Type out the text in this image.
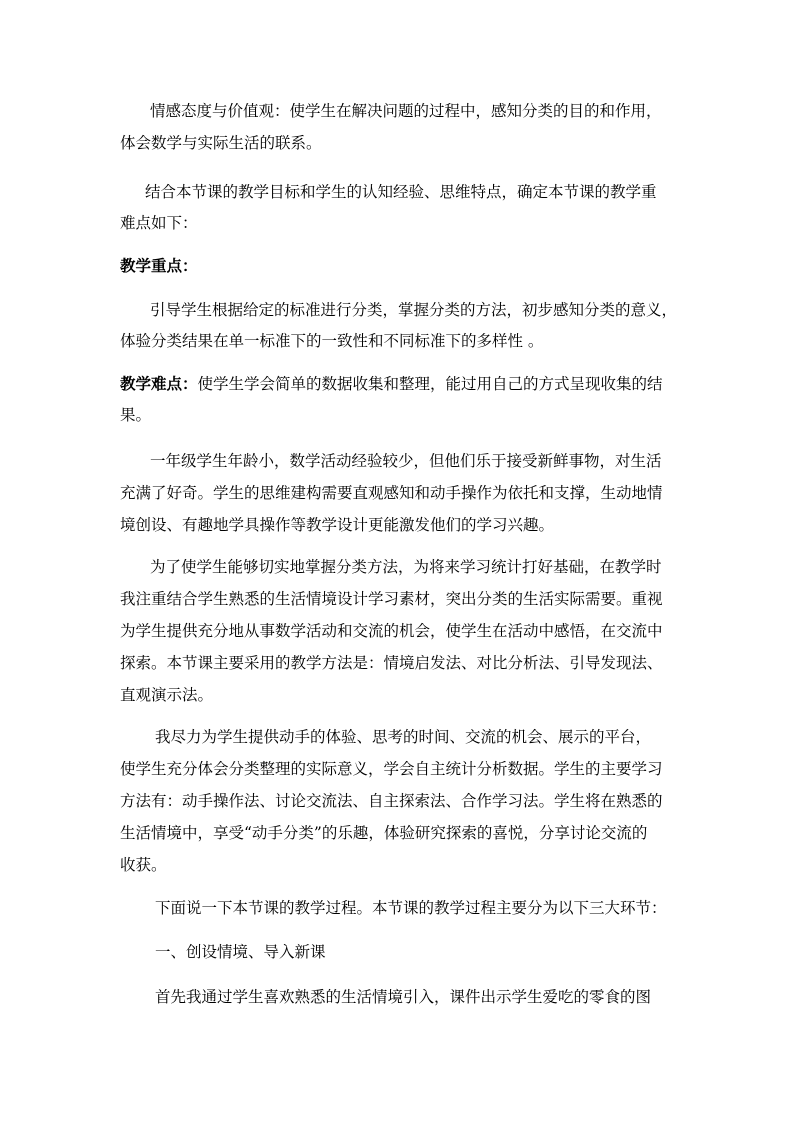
情感态度与价值观：使学生在解决问题的过程中，感知分类的目的和作用，
体会数学与实际生活的联系。
结合本节课的教学目标和学生的认知经验、思维特点，确定本节课的教学重
难点如下：
教学重点：
引导学生根据给定的标准进行分类，掌握分类的方法，初步感知分类的意义，
体验分类结果在单一标准下的一致性和不同标准下的多样性 。
教学难点：使学生学会简单的数据收集和整理，能过用自己的方式呈现收集的结
果。
一年级学生年龄小，数学活动经验较少，但他们乐于接受新鲜事物，对生活
充满了好奇。学生的思维建构需要直观感知和动手操作为依托和支撑，生动地情
境创设、有趣地学具操作等教学设计更能激发他们的学习兴趣。
为了使学生能够切实地掌握分类方法，为将来学习统计打好基础，在教学时
我注重结合学生熟悉的生活情境设计学习素材，突出分类的生活实际需要。重视
为学生提供充分地从事数学活动和交流的机会，使学生在活动中感悟，在交流中
探索。本节课主要采用的教学方法是：情境启发法、对比分析法、引导发现法、
直观演示法。
我尽力为学生提供动手的体验、思考的时间、交流的机会、展示的平台，
使学生充分体会分类整理的实际意义，学会自主统计分析数据。学生的主要学习
方法有：动手操作法、讨论交流法、自主探索法、合作学习法。学生将在熟悉的
生活情境中，享受“动手分类”的乐趣，体验研究探索的喜悦，分享讨论交流的
收获。
下面说一下本节课的教学过程。本节课的教学过程主要分为以下三大环节：
一、创设情境、导入新课
首先我通过学生喜欢熟悉的生活情境引入，课件出示学生爱吃的零食的图
